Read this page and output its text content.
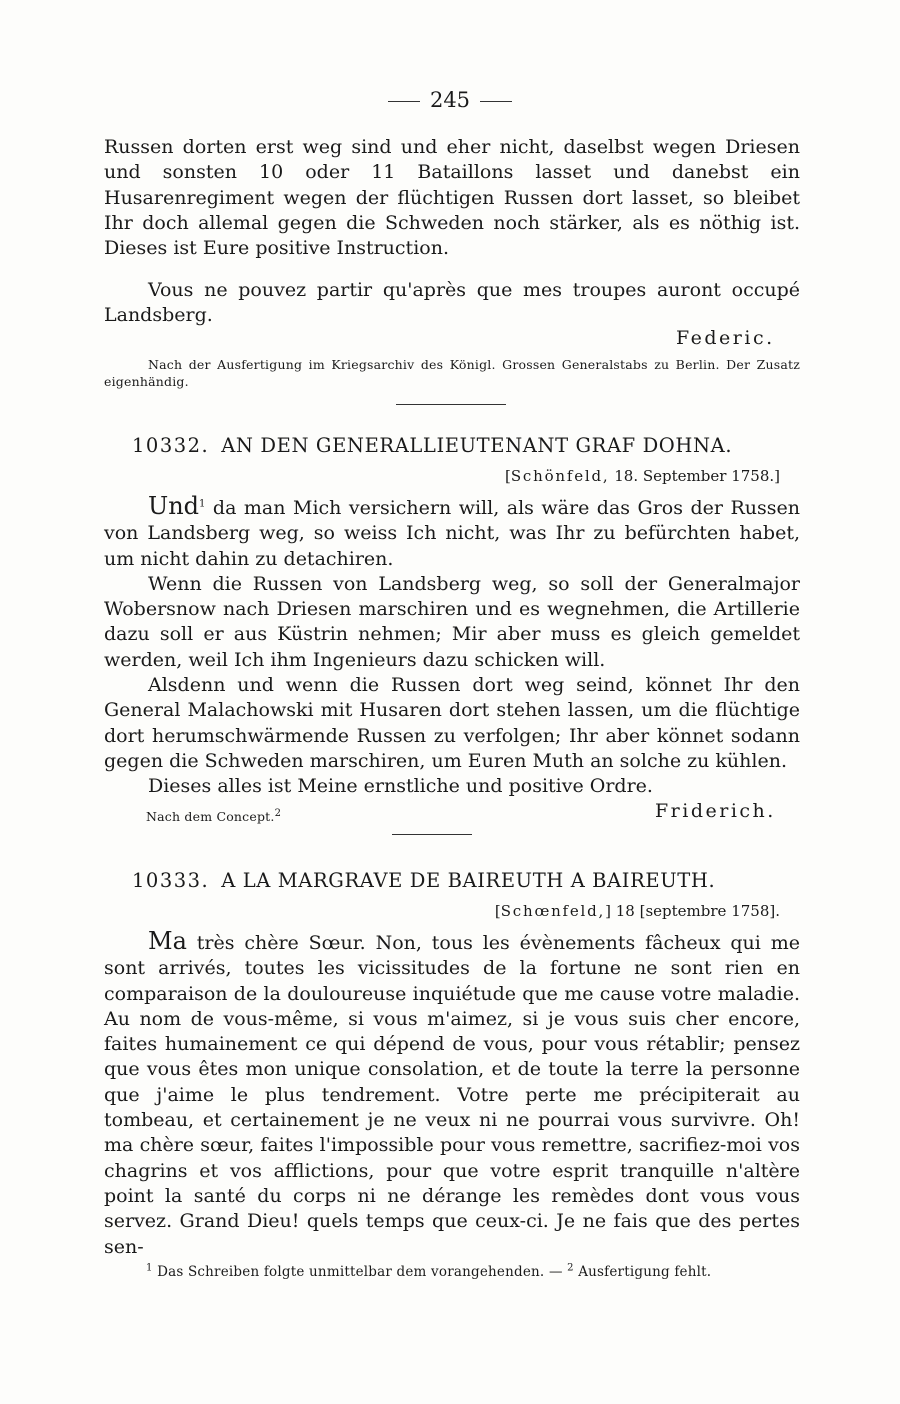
245
Russen dorten erst weg sind und eher nicht, daselbst wegen Driesen und sonsten 10 oder 11 Bataillons lasset und danebst ein Husarenregiment wegen der flüchtigen Russen dort lasset, so bleibet Ihr doch allemal gegen die Schweden noch stärker, als es nöthig ist. Dieses ist Eure positive Instruction.
Vous ne pouvez partir qu'après que mes troupes auront occupé Landsberg.
Federic.
Nach der Ausfertigung im Kriegsarchiv des Königl. Grossen Generalstabs zu Berlin. Der Zusatz eigenhändig.
10332. AN DEN GENERALLIEUTENANT GRAF DOHNA.
[Schönfeld, 18. September 1758.]

Und$^1$ da man Mich versichern will, als wäre das Gros der Russen von Landsberg weg, so weiss Ich nicht, was Ihr zu befürchten habet, um nicht dahin zu detachiren.

Wenn die Russen von Landsberg weg, so soll der Generalmajor Wobersnow nach Driesen marschiren und es wegnehmen, die Artillerie dazu soll er aus Küstrin nehmen; Mir aber muss es gleich gemeldet werden, weil Ich ihm Ingenieurs dazu schicken will.

Alsdenn und wenn die Russen dort weg seind, könnet Ihr den General Malachowski mit Husaren dort stehen lassen, um die flüchtige dort herumschwärmende Russen zu verfolgen; Ihr aber könnet sodann gegen die Schweden marschiren, um Euren Muth an solche zu kühlen.

Dieses alles ist Meine ernstliche und positive Ordre.

Nach dem Concept.$^2$	Friderich.
10333. A LA MARGRAVE DE BAIREUTH A BAIREUTH.
[Schœnfeld,] 18 [septembre 1758].

Ma très chère Sœur. Non, tous les évènements fâcheux qui me sont arrivés, toutes les vicissitudes de la fortune ne sont rien en comparaison de la douloureuse inquiétude que me cause votre maladie. Au nom de vous-même, si vous m'aimez, si je vous suis cher encore, faites humainement ce qui dépend de vous, pour vous rétablir; pensez que vous êtes mon unique consolation, et de toute la terre la personne que j'aime le plus tendrement. Votre perte me précipiterait au tombeau, et certainement je ne veux ni ne pourrai vous survivre. Oh! ma chère sœur, faites l'impossible pour vous remettre, sacrifiez-moi vos chagrins et vos afflictions, pour que votre esprit tranquille n'altère point la santé du corps ni ne dérange les remèdes dont vous vous servez. Grand Dieu! quels temps que ceux-ci. Je ne fais que des pertes sen-

$^1$ Das Schreiben folgte unmittelbar dem vorangehenden. — $^2$ Ausfertigung fehlt.
